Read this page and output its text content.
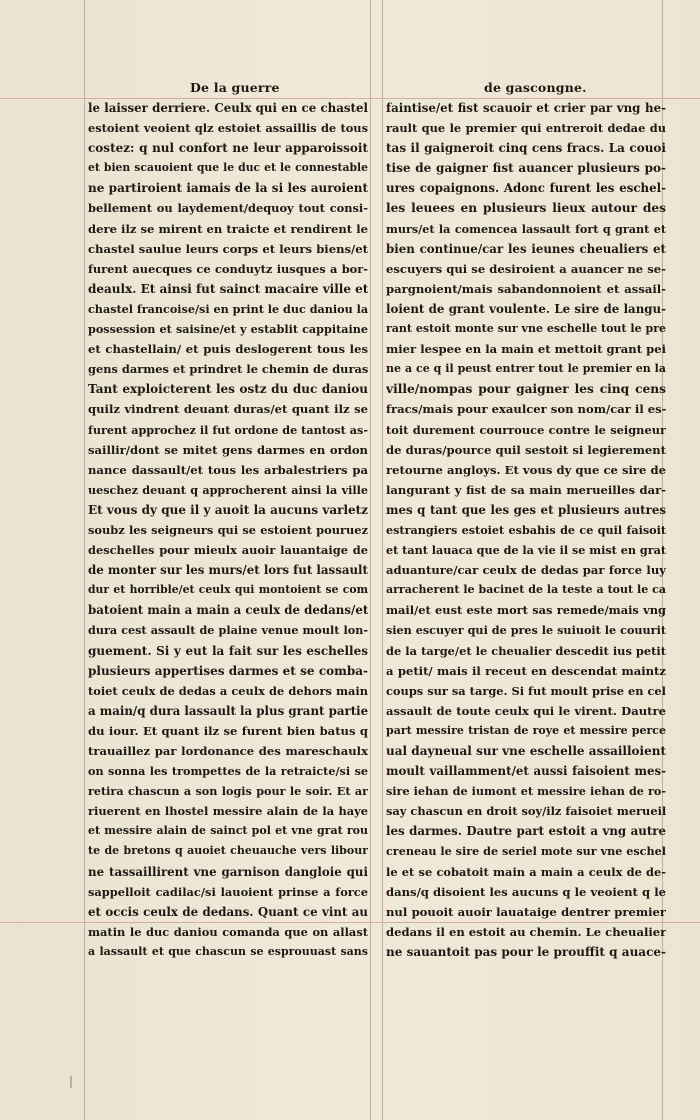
De la guerre	de gascongne.
le laisser derriere. Ceulx qui en ce chastel
estoient veoient qlz estoiet assaillis de tous
costez: q nul confort ne leur apparoissoit
et bien scauoient que le duc et le connestable
ne partiroient iamais de la si les auroient
bellement ou laydement/dequoy tout consi-
dere ilz se mirent en traicte et rendirent le
chastel saulue leurs corps et leurs biens/et
furent auecques ce conduytz iusques a bor-
deaulx. Et ainsi fut sainct macaire ville et
chastel francoise/si en print le duc daniou la
possession et saisine/et y establit cappitaine
et chastellain/ et puis deslogerent tous les
gens darmes et prindret le chemin de duras
Tant exploicterent les ostz du duc daniou
quilz vindrent deuant duras/et quant ilz se
furent approchez il fut ordone de tantost as-
saillir/dont se mitet gens darmes en ordon
nance dassault/et tous les arbalestriers pa
ueschez deuant q approcherent ainsi la ville
Et vous dy que il y auoit la aucuns varletz
soubz les seigneurs qui se estoient pouruez
deschelles pour mieulx auoir lauantaige de
de monter sur les murs/et lors fut lassault
dur et horrible/et ceulx qui montoient se com
batoient main a main a ceulx de dedans/et
dura cest assault de plaine venue moult lon-
guement. Si y eut la fait sur les eschelles
plusieurs appertises darmes et se comba-
toiet ceulx de dedas a ceulx de dehors main
a main/q dura lassault la plus grant partie
du iour. Et quant ilz se furent bien batus q
trauaillez par lordonance des mareschaulx
on sonna les trompettes de la retraicte/si se
retira chascun a son logis pour le soir. Et ar
riuerent en lhostel messire alain de la haye
et messire alain de sainct pol et vne grat rou
te de bretons q auoiet cheuauche vers libour
ne tassaillirent vne garnison dangloie qui
sappelloit cadilac/si lauoient prinse a force
et occis ceulx de dedans. Quant ce vint au
matin le duc daniou comanda que on allast
a lassault et que chascun se esprouuast sans
faintise/et fist scauoir et crier par vng he-
rault que le premier qui entreroit dedae du
tas il gaigneroit cinq cens fracs. La couoi
tise de gaigner fist auancer plusieurs po-
ures copaignons. Adonc furent les eschel-
les leuees en plusieurs lieux autour des
murs/et la comencea lassault fort q grant et
bien continue/car les ieunes cheualiers et
escuyers qui se desiroient a auancer ne se-
pargnoient/mais sabandonnoient et assail-
loient de grant voulente. Le sire de langu-
rant estoit monte sur vne eschelle tout le pre
mier lespee en la main et mettoit grant pei
ne a ce q il peust entrer tout le premier en la
ville/nompas pour gaigner les cinq cens
fracs/mais pour exaulcer son nom/car il es-
toit durement courrouce contre le seigneur
de duras/pource quil sestoit si legierement
retourne angloys. Et vous dy que ce sire de
langurant y fist de sa main merueilles dar-
mes q tant que les ges et plusieurs autres
estrangiers estoiet esbahis de ce quil faisoit
et tant lauaca que de la vie il se mist en grat
aduanture/car ceulx de dedas par force luy
arracherent le bacinet de la teste a tout le ca
mail/et eust este mort sas remede/mais vng
sien escuyer qui de pres le suiuoit le couurit
de la targe/et le cheualier descedit ius petit
a petit/ mais il receut en descendat maintz
coups sur sa targe. Si fut moult prise en cel
assault de toute ceulx qui le virent. Dautre
part messire tristan de roye et messire perce
ual dayneual sur vne eschelle assailloient
moult vaillamment/et aussi faisoient mes-
sire iehan de iumont et messire iehan de ro-
say chascun en droit soy/ilz faisoiet merueil
les darmes. Dautre part estoit a vng autre
creneau le sire de seriel mote sur vne eschel
le et se cobatoit main a main a ceulx de de-
dans/q disoient les aucuns q le veoient q le
nul pouoit auoir lauataige dentrer premier
dedans il en estoit au chemin. Le cheualier
ne sauantoit pas pour le prouffit q auace-
